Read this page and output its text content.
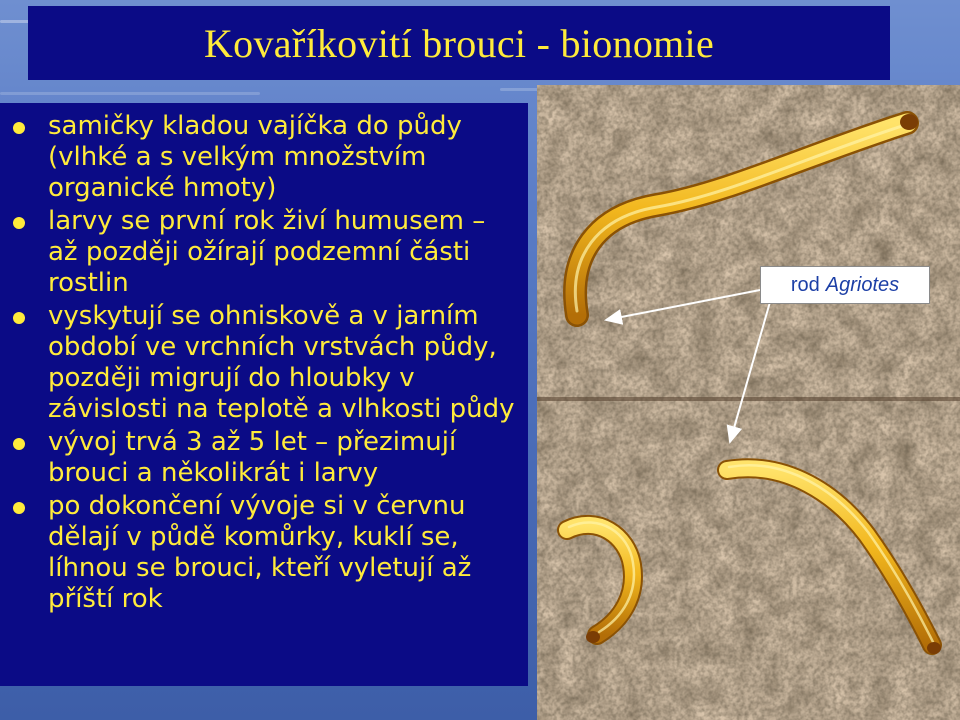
Kovaříkovití brouci - bionomie
samičky kladou vajíčka do půdy (vlhké a s velkým množstvím organické hmoty)
larvy se první rok živí humusem – až později ožírají podzemní části rostlin
vyskytují se ohniskově a v jarním období ve vrchních vrstvách půdy, později migrují do hloubky v závislosti na teplotě a vlhkosti půdy
vývoj trvá 3 až 5 let – přezimují brouci a několikrát i larvy
po dokončení vývoje si v červnu dělají v půdě komůrky, kuklí se, líhnou se brouci, kteří vyletují až příští rok
rod Agriotes
